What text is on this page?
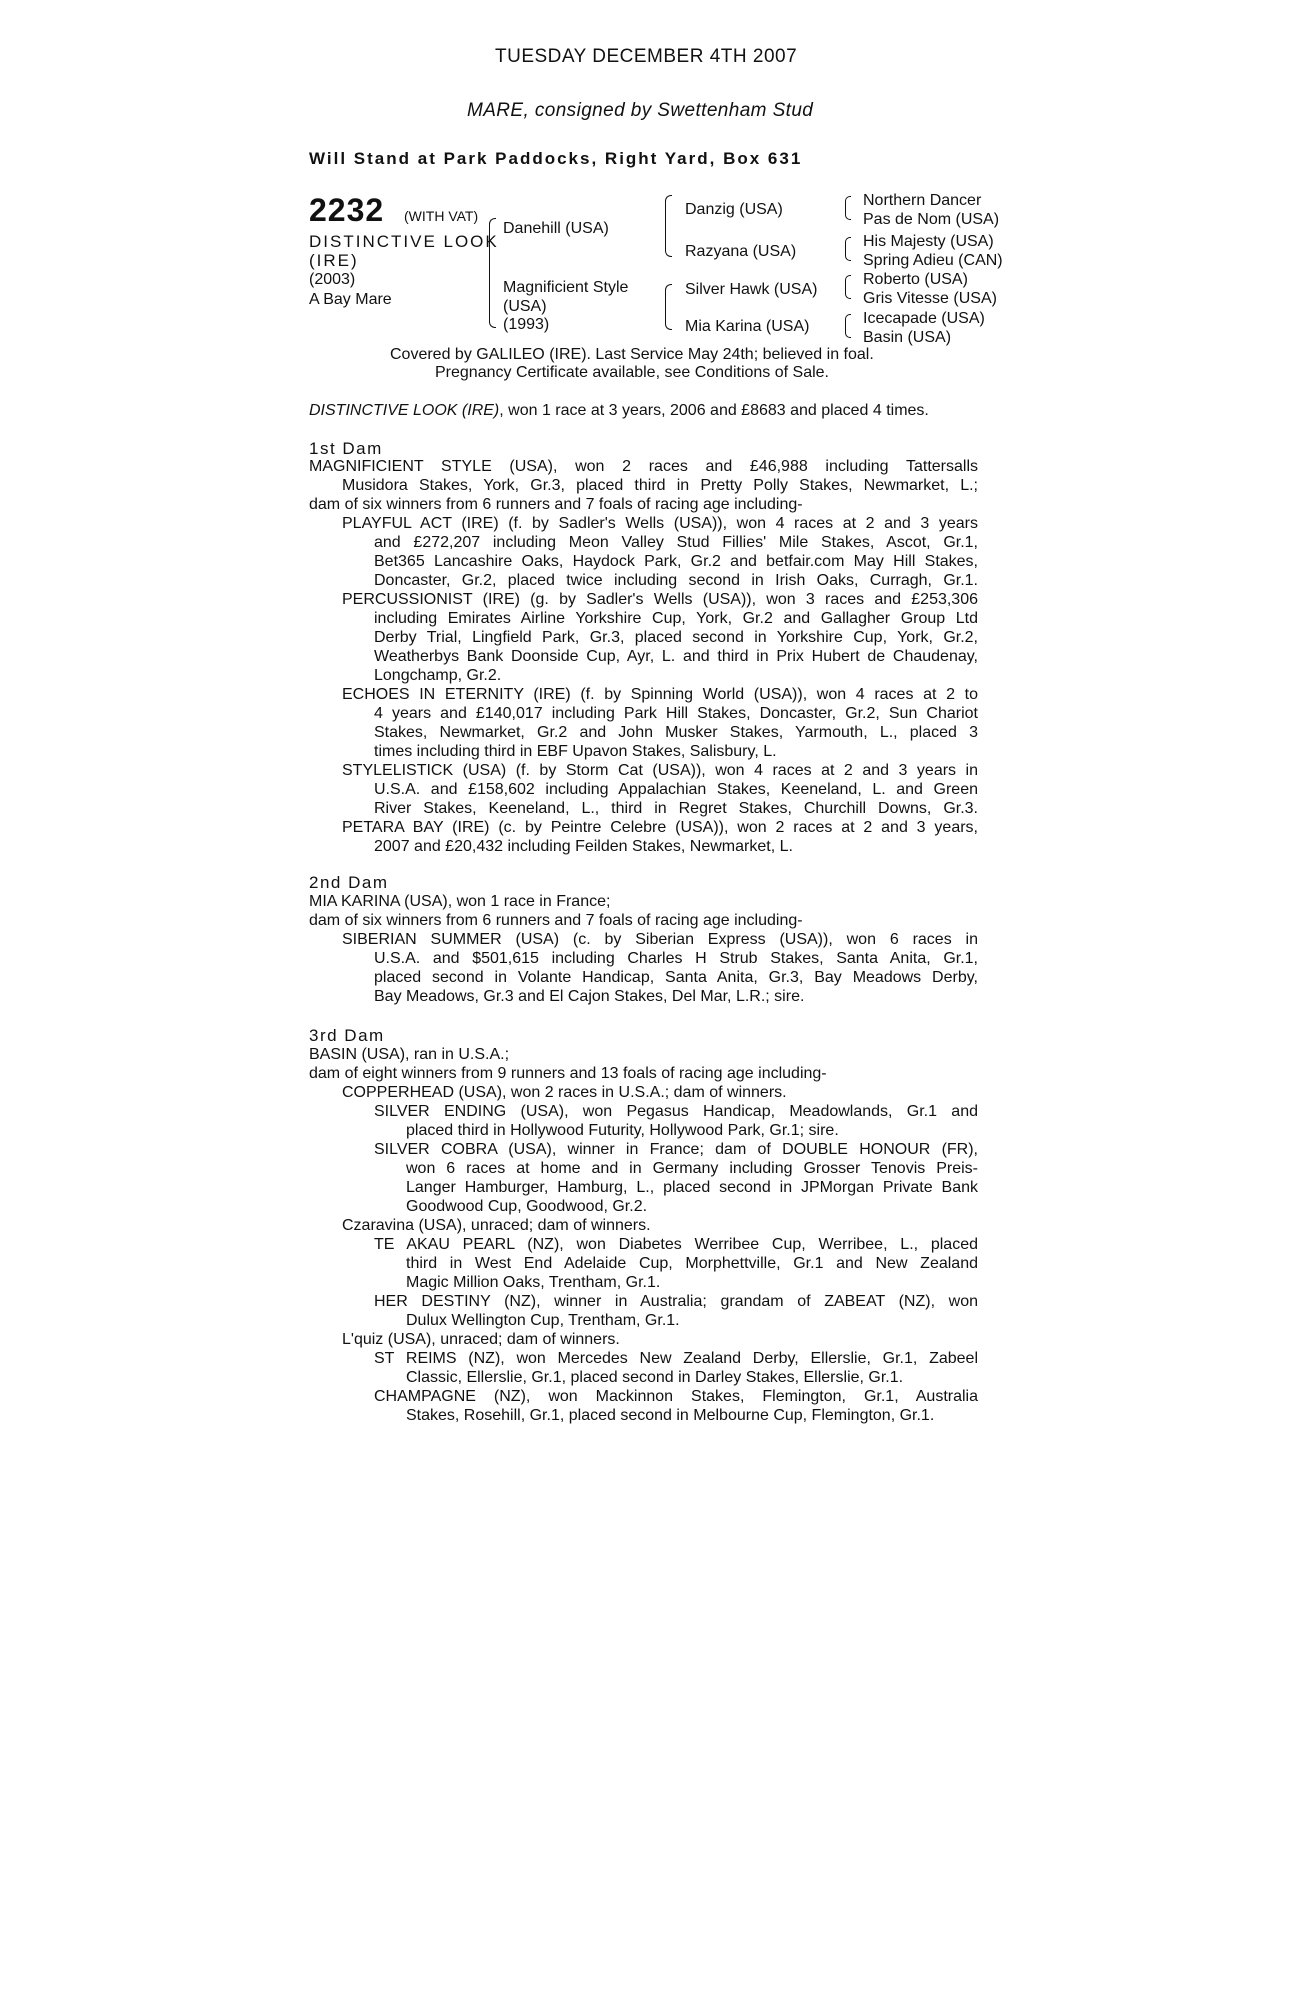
TUESDAY DECEMBER 4TH 2007
MARE, consigned by Swettenham Stud
Will Stand at Park Paddocks, Right Yard, Box 631
2232 (WITH VAT)
DISTINCTIVE LOOK
(IRE)
(2003)
A Bay Mare
Danehill (USA)
Magnificient Style
(USA)
(1993)
Danzig (USA)
Razyana (USA)
Silver Hawk (USA)
Mia Karina (USA)
Northern Dancer
Pas de Nom (USA)
His Majesty (USA)
Spring Adieu (CAN)
Roberto (USA)
Gris Vitesse (USA)
Icecapade (USA)
Basin (USA)
Covered by GALILEO (IRE). Last Service May 24th; believed in foal.
Pregnancy Certificate available, see Conditions of Sale.
DISTINCTIVE LOOK (IRE), won 1 race at 3 years, 2006 and £8683 and placed 4 times.
1st Dam
MAGNIFICIENT STYLE (USA), won 2 races and £46,988 including Tattersalls
Musidora Stakes, York, Gr.3, placed third in Pretty Polly Stakes, Newmarket, L.;
dam of six winners from 6 runners and 7 foals of racing age including-
PLAYFUL ACT (IRE) (f. by Sadler's Wells (USA)), won 4 races at 2 and 3 years
and £272,207 including Meon Valley Stud Fillies' Mile Stakes, Ascot, Gr.1,
Bet365 Lancashire Oaks, Haydock Park, Gr.2 and betfair.com May Hill Stakes,
Doncaster, Gr.2, placed twice including second in Irish Oaks, Curragh, Gr.1.
PERCUSSIONIST (IRE) (g. by Sadler's Wells (USA)), won 3 races and £253,306
including Emirates Airline Yorkshire Cup, York, Gr.2 and Gallagher Group Ltd
Derby Trial, Lingfield Park, Gr.3, placed second in Yorkshire Cup, York, Gr.2,
Weatherbys Bank Doonside Cup, Ayr, L. and third in Prix Hubert de Chaudenay,
Longchamp, Gr.2.
ECHOES IN ETERNITY (IRE) (f. by Spinning World (USA)), won 4 races at 2 to
4 years and £140,017 including Park Hill Stakes, Doncaster, Gr.2, Sun Chariot
Stakes, Newmarket, Gr.2 and John Musker Stakes, Yarmouth, L., placed 3
times including third in EBF Upavon Stakes, Salisbury, L.
STYLELISTICK (USA) (f. by Storm Cat (USA)), won 4 races at 2 and 3 years in
U.S.A. and £158,602 including Appalachian Stakes, Keeneland, L. and Green
River Stakes, Keeneland, L., third in Regret Stakes, Churchill Downs, Gr.3.
PETARA BAY (IRE) (c. by Peintre Celebre (USA)), won 2 races at 2 and 3 years,
2007 and £20,432 including Feilden Stakes, Newmarket, L.
2nd Dam
MIA KARINA (USA), won 1 race in France;
dam of six winners from 6 runners and 7 foals of racing age including-
SIBERIAN SUMMER (USA) (c. by Siberian Express (USA)), won 6 races in
U.S.A. and $501,615 including Charles H Strub Stakes, Santa Anita, Gr.1,
placed second in Volante Handicap, Santa Anita, Gr.3, Bay Meadows Derby,
Bay Meadows, Gr.3 and El Cajon Stakes, Del Mar, L.R.; sire.
3rd Dam
BASIN (USA), ran in U.S.A.;
dam of eight winners from 9 runners and 13 foals of racing age including-
COPPERHEAD (USA), won 2 races in U.S.A.; dam of winners.
SILVER ENDING (USA), won Pegasus Handicap, Meadowlands, Gr.1 and
placed third in Hollywood Futurity, Hollywood Park, Gr.1; sire.
SILVER COBRA (USA), winner in France; dam of DOUBLE HONOUR (FR),
won 6 races at home and in Germany including Grosser Tenovis Preis-
Langer Hamburger, Hamburg, L., placed second in JPMorgan Private Bank
Goodwood Cup, Goodwood, Gr.2.
Czaravina (USA), unraced; dam of winners.
TE AKAU PEARL (NZ), won Diabetes Werribee Cup, Werribee, L., placed
third in West End Adelaide Cup, Morphettville, Gr.1 and New Zealand
Magic Million Oaks, Trentham, Gr.1.
HER DESTINY (NZ), winner in Australia; grandam of ZABEAT (NZ), won
Dulux Wellington Cup, Trentham, Gr.1.
L'quiz (USA), unraced; dam of winners.
ST REIMS (NZ), won Mercedes New Zealand Derby, Ellerslie, Gr.1, Zabeel
Classic, Ellerslie, Gr.1, placed second in Darley Stakes, Ellerslie, Gr.1.
CHAMPAGNE (NZ), won Mackinnon Stakes, Flemington, Gr.1, Australia
Stakes, Rosehill, Gr.1, placed second in Melbourne Cup, Flemington, Gr.1.
